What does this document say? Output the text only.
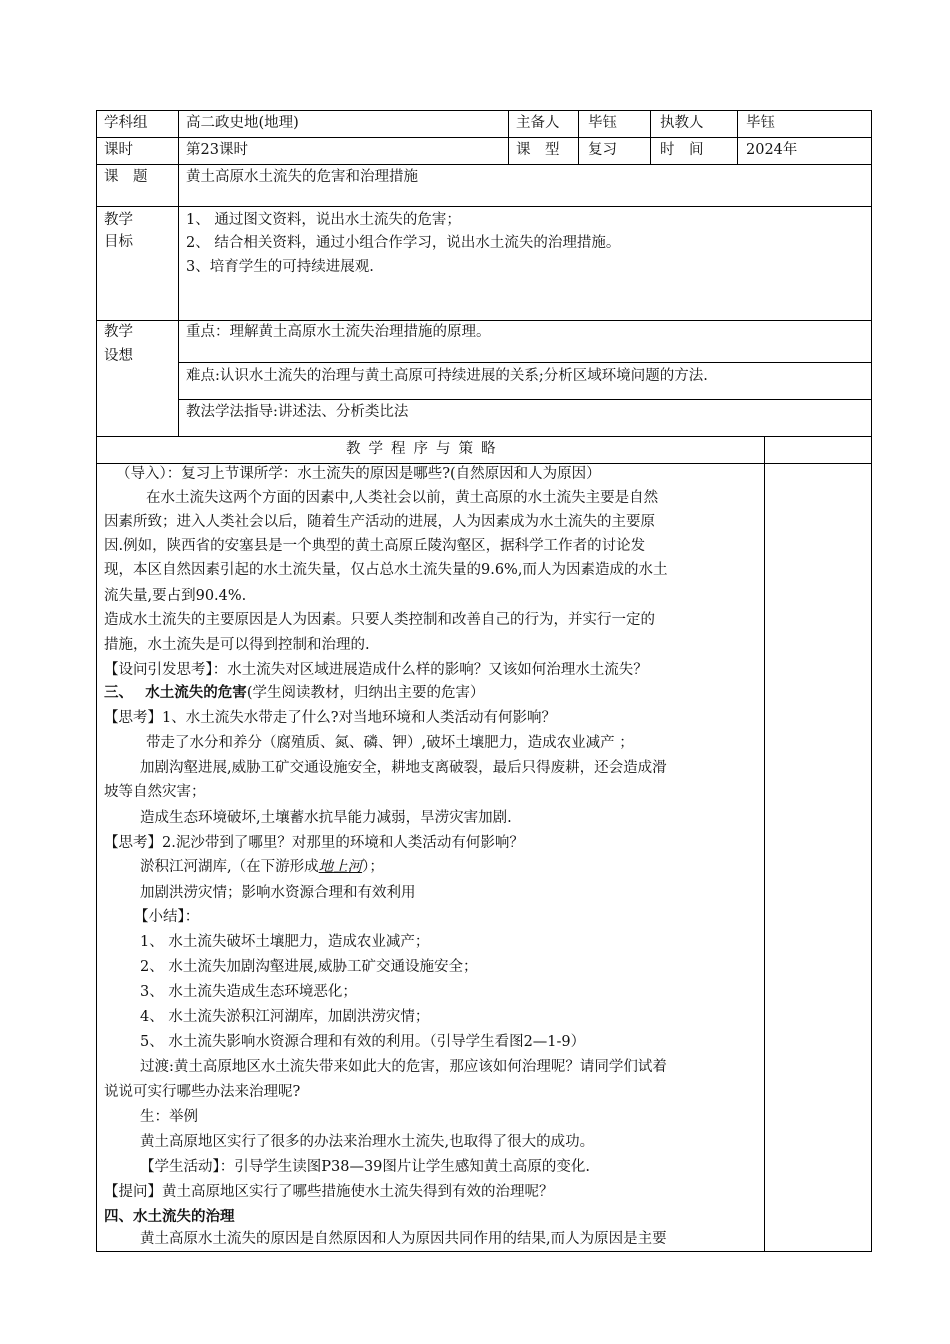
学科组	高二政史地(地理)	主备人 毕钰	执教人	毕钰
课时	第23课时	课　型 复习	时　间	2024年
课　题	黄土高原水土流失的危害和治理措施
教学
目标
1、 通过图文资料，说出水土流失的危害；
2、 结合相关资料，通过小组合作学习，说出水土流失的治理措施。
3、培育学生的可持续进展观.
教学
设想
重点：理解黄土高原水土流失治理措施的原理。
难点:认识水土流失的治理与黄土高原可持续进展的关系;分析区域环境问题的方法.
教法学法指导:讲述法、分析类比法
教学程序与策略
（导入）：复习上节课所学：水土流失的原因是哪些?(自然原因和人为原因）
在水土流失这两个方面的因素中,人类社会以前，黄土高原的水土流失主要是自然
因素所致；进入人类社会以后，随着生产活动的进展，人为因素成为水土流失的主要原
因.例如，陕西省的安塞县是一个典型的黄土高原丘陵沟壑区，据科学工作者的讨论发
现，本区自然因素引起的水土流失量，仅占总水土流失量的9.6%,而人为因素造成的水土
流失量,要占到90.4%.
造成水土流失的主要原因是人为因素。只要人类控制和改善自己的行为，并实行一定的
措施，水土流失是可以得到控制和治理的.
【设问引发思考】：水土流失对区域进展造成什么样的影响？又该如何治理水土流失？
三、　 水土流失的危害(学生阅读教材，归纳出主要的危害）
【思考】1、水土流失水带走了什么?对当地环境和人类活动有何影响？
带走了水分和养分（腐殖质、氮、磷、钾）,破坏土壤肥力，造成农业减产 ；
加剧沟壑进展,威胁工矿交通设施安全，耕地支离破裂，最后只得废耕，还会造成滑
坡等自然灾害；
造成生态环境破坏,土壤蓄水抗旱能力减弱，旱涝灾害加剧.
【思考】2.泥沙带到了哪里？对那里的环境和人类活动有何影响？
淤积江河湖库,（在下游形成地上河）；
加剧洪涝灾情；影响水资源合理和有效利用
【小结】：
1、 水土流失破坏土壤肥力，造成农业减产；
2、 水土流失加剧沟壑进展,威胁工矿交通设施安全；
3、 水土流失造成生态环境恶化；
4、 水土流失淤积江河湖库，加剧洪涝灾情；
5、 水土流失影响水资源合理和有效的利用。（引导学生看图2—1-9）
过渡:黄土高原地区水土流失带来如此大的危害，那应该如何治理呢？请同学们试着
说说可实行哪些办法来治理呢?
生：举例
黄土高原地区实行了很多的办法来治理水土流失,也取得了很大的成功。
【学生活动】：引导学生读图P38—39图片让学生感知黄土高原的变化.
【提问】黄土高原地区实行了哪些措施使水土流失得到有效的治理呢？
四、水土流失的治理
黄土高原水土流失的原因是自然原因和人为原因共同作用的结果,而人为原因是主要
